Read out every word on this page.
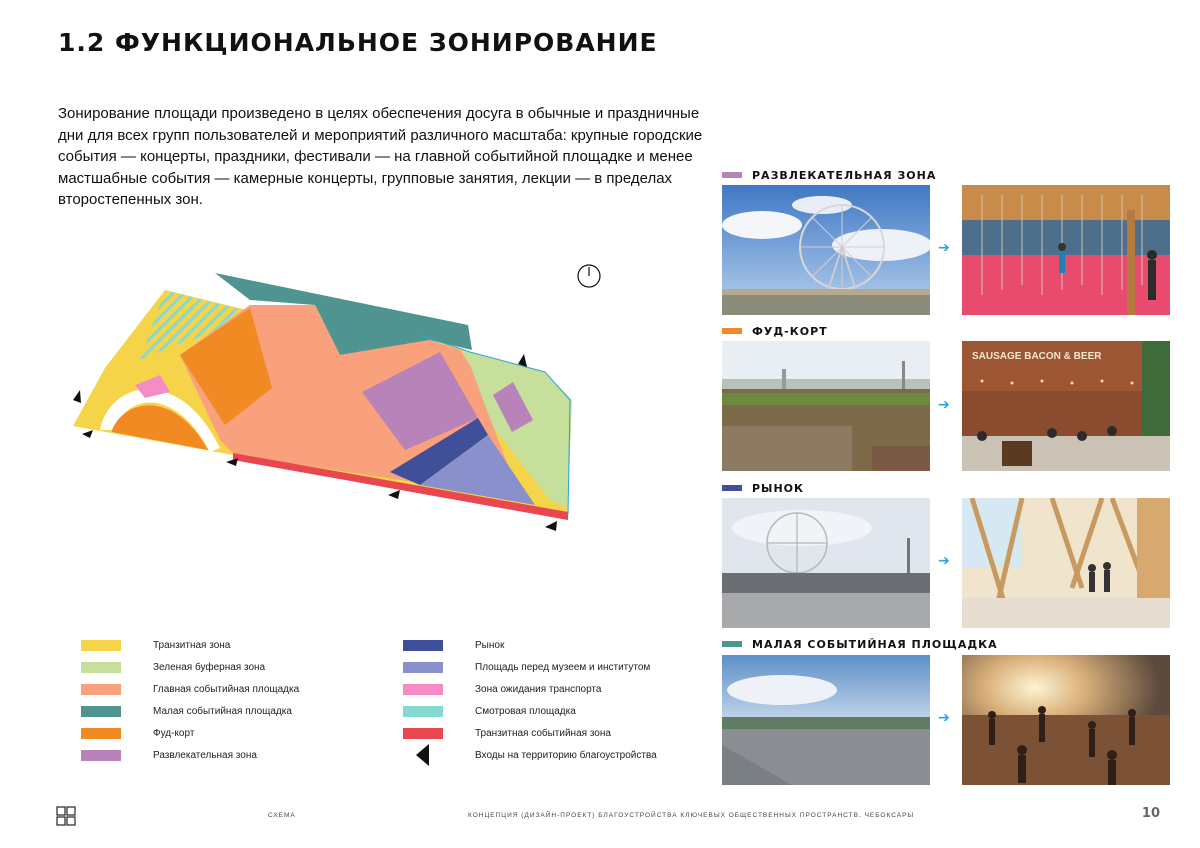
1.2 ФУНКЦИОНАЛЬНОЕ ЗОНИРОВАНИЕ
Зонирование площади произведено в целях обеспечения досуга в обычные и праздничные дни для всех групп пользователей и мероприятий различного масштаба: крупные городские события — концерты, праздники, фестивали — на главной событийной площадке и менее мастшабные события — камерные концерты, групповые занятия, лекции — в пределах второстепенных зон.
Транзитная зона
Зеленая буферная зона
Главная событийная площадка
Малая событийная площадка
Фуд-корт
Развлекательная зона
Рынок
Площадь перед музеем и институтом
Зона ожидания транспорта
Смотровая площадка
Транзитная событийная зона
Входы на территорию благоустройства
РАЗВЛЕКАТЕЛЬНАЯ ЗОНА
ФУД-КОРТ
РЫНОК
МАЛАЯ СОБЫТИЙНАЯ ПЛОЩАДКА
➔
➔
SAUSAGE BACON & BEER
➔
➔
СХЕМА	КОНЦЕПЦИЯ (ДИЗАЙН-ПРОЕКТ) БЛАГОУСТРОЙСТВА КЛЮЧЕВЫХ ОБЩЕСТВЕННЫХ ПРОСТРАНСТВ. ЧЕБОКСАРЫ	10
